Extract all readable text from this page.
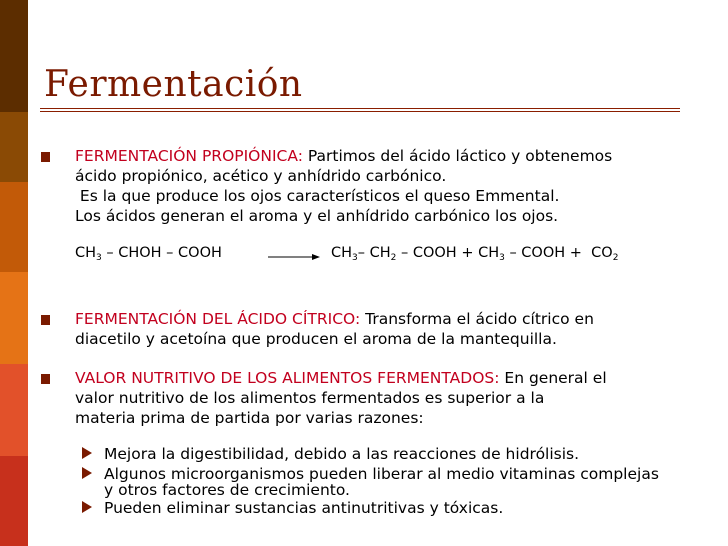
Fermentación

FERMENTACIÓN PROPIÓNICA: Partimos del ácido láctico y obtenemos
ácido propiónico, acético y anhídrido carbónico.
Es la que produce los ojos característicos el queso Emmental.
Los ácidos generan el aroma y el anhídrido carbónico los ojos.

$CH_3$ – CHOH – COOH	→ $CH_3-$ $CH_2$ – COOH + $CH_3$ – COOH +  $CO_2$

FERMENTACIÓN DEL ÁCIDO CÍTRICO: Transforma el ácido cítrico en
diacetilo y acetoína que producen el aroma de la mantequilla.

VALOR NUTRITIVO DE LOS ALIMENTOS FERMENTADOS: En general el
valor nutritivo de los alimentos fermentados es superior a la
materia prima de partida por varias razones:

Mejora la digestibilidad, debido a las reacciones de hidrólisis.
Algunos microorganismos pueden liberar al medio vitaminas complejas
y otros factores de crecimiento.
Pueden eliminar sustancias antinutritivas y tóxicas.
